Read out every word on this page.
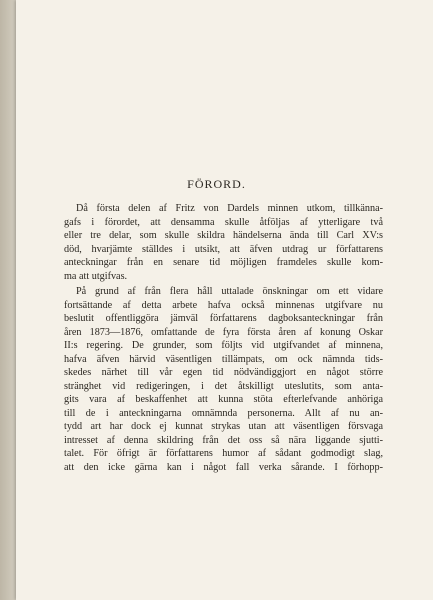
FÖRORD.
Då första delen af Fritz von Dardels minnen utkom, tillkänna-
gafs i förordet, att densamma skulle åtföljas af ytterligare två
eller tre delar, som skulle skildra händelserna ända till Carl XV:s
död, hvarjämte ställdes i utsikt, att äfven utdrag ur författarens
anteckningar från en senare tid möjligen framdeles skulle kom-
ma att utgifvas.
På grund af från flera håll uttalade önskningar om ett vidare
fortsättande af detta arbete hafva också minnenas utgifvare nu
beslutit offentliggöra jämväl författarens dagboksanteckningar från
åren 1873—1876, omfattande de fyra första åren af konung Oskar
II:s regering. De grunder, som följts vid utgifvandet af minnena,
hafva äfven härvid väsentligen tillämpats, om ock nämnda tids-
skedes närhet till vår egen tid nödvändiggjort en något större
stränghet vid redigeringen, i det åtskilligt uteslutits, som anta-
gits vara af beskaffenhet att kunna stöta efterlefvande anhöriga
till de i anteckningarna omnämnda personerna. Allt af nu an-
tydd art har dock ej kunnat strykas utan att väsentligen försvaga
intresset af denna skildring från det oss så nära liggande sjutti-
talet. För öfrigt är författarens humor af sådant godmodigt slag,
att den icke gärna kan i något fall verka sårande. I förhopp-
